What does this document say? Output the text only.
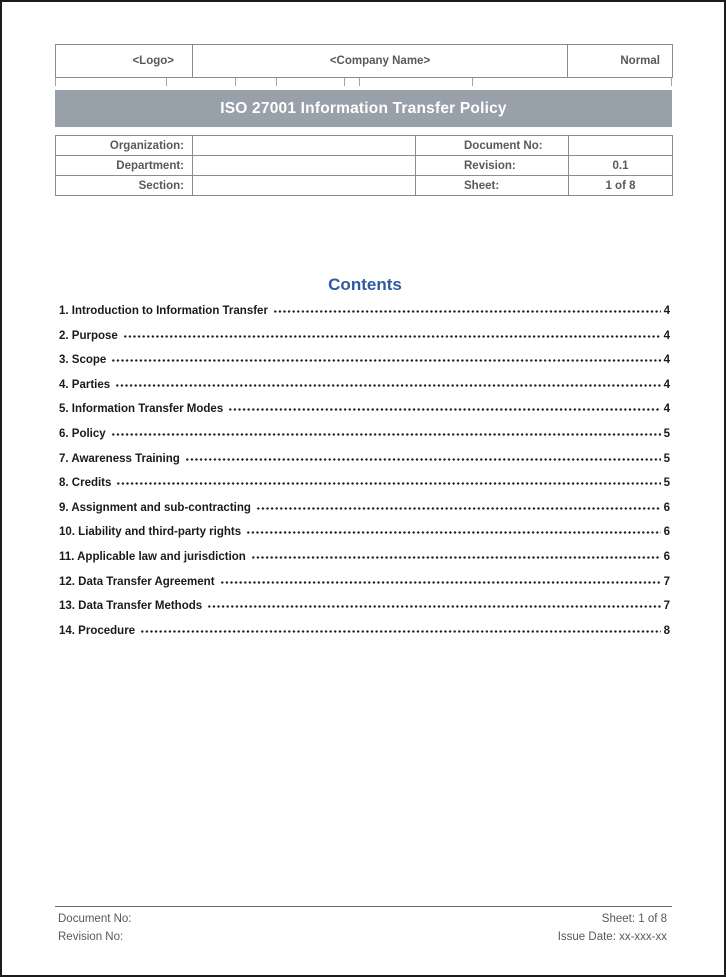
<Logo>	<Company Name>	Normal
ISO 27001 Information Transfer Policy
Organization:		Document No:	
Department:		Revision:	0.1
Section:		Sheet:	1 of 8
Contents
1. Introduction to Information Transfer	4
2. Purpose	4
3. Scope	4
4. Parties	4
5. Information Transfer Modes	4
6. Policy	5
7. Awareness Training	5
8. Credits	5
9. Assignment and sub-contracting	6
10. Liability and third-party rights	6
11. Applicable law and jurisdiction	6
12. Data Transfer Agreement	7
13. Data Transfer Methods	7
14. Procedure	8
Document No:
Revision No:
Sheet: 1 of 8
Issue Date: xx-xxx-xx
